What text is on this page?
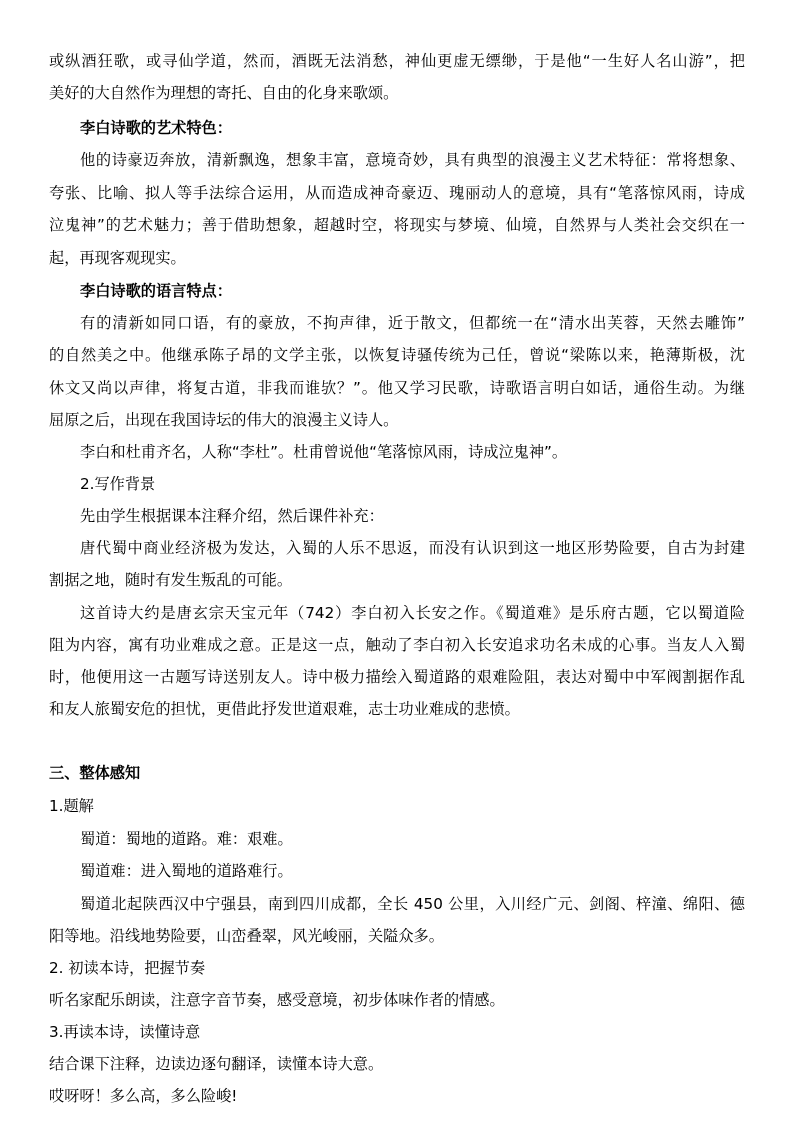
或纵酒狂歌，或寻仙学道，然而，酒既无法消愁，神仙更虚无缥缈，于是他“一生好人名山游”，把
美好的大自然作为理想的寄托、自由的化身来歌颂。
李白诗歌的艺术特色：
他的诗豪迈奔放，清新飘逸，想象丰富，意境奇妙，具有典型的浪漫主义艺术特征：常将想象、
夸张、比喻、拟人等手法综合运用，从而造成神奇豪迈、瑰丽动人的意境，具有“笔落惊风雨，诗成
泣鬼神”的艺术魅力；善于借助想象，超越时空，将现实与梦境、仙境，自然界与人类社会交织在一
起，再现客观现实。
李白诗歌的语言特点：
有的清新如同口语，有的豪放，不拘声律，近于散文，但都统一在“清水出芙蓉，天然去雕饰”
的自然美之中。他继承陈子昂的文学主张，以恢复诗骚传统为己任，曾说“梁陈以来，艳薄斯极，沈
休文又尚以声律，将复古道，非我而谁欤？”。他又学习民歌，诗歌语言明白如话，通俗生动。为继
屈原之后，出现在我国诗坛的伟大的浪漫主义诗人。
李白和杜甫齐名，人称“李杜”。杜甫曾说他“笔落惊风雨，诗成泣鬼神”。
2.写作背景
先由学生根据课本注释介绍，然后课件补充：
唐代蜀中商业经济极为发达，入蜀的人乐不思返，而没有认识到这一地区形势险要，自古为封建
割据之地，随时有发生叛乱的可能。
这首诗大约是唐玄宗天宝元年（742）李白初入长安之作。《蜀道难》是乐府古题，它以蜀道险
阻为内容，寓有功业难成之意。正是这一点，触动了李白初入长安追求功名未成的心事。当友人入蜀
时，他便用这一古题写诗送别友人。诗中极力描绘入蜀道路的艰难险阻，表达对蜀中中军阀割据作乱
和友人旅蜀安危的担忧，更借此抒发世道艰难，志士功业难成的悲愤。
三、整体感知
1.题解
蜀道：蜀地的道路。难：艰难。
蜀道难：进入蜀地的道路难行。
蜀道北起陕西汉中宁强县，南到四川成都，全长 450 公里，入川经广元、剑阁、梓潼、绵阳、德
阳等地。沿线地势险要，山峦叠翠，风光峻丽，关隘众多。
2. 初读本诗，把握节奏
听名家配乐朗读，注意字音节奏，感受意境，初步体味作者的情感。
3.再读本诗，读懂诗意
结合课下注释，边读边逐句翻译，读懂本诗大意。
哎呀呀！多么高，多么险峻!
